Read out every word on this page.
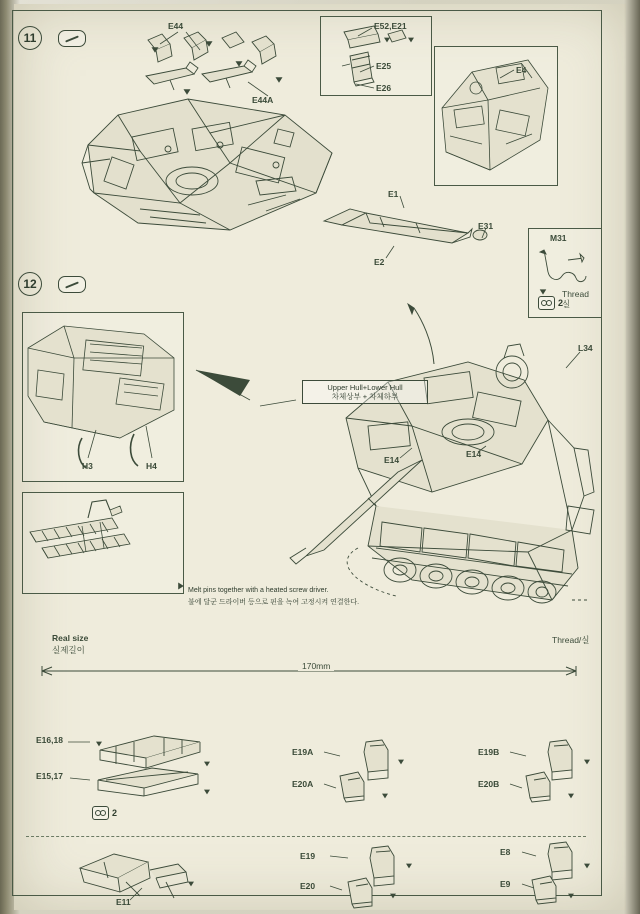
11
E44
E44A
E52,E21
E25
E26
E4
E1
E2
E31
12
M31
Thread
실
2
H3	H4
Melt pins together with a heated screw driver.
불에 달군 드라이버 등으로 핀을 녹여 고정시켜 연결한다.
Upper Hull+Lower Hull
차체상부 + 차체하부
E14
E14
L34
Thread/실
Real size
실제길이
170mm
E16,18
E15,17
2
E19A
E20A
E19B
E20B
E11
E19
E20
E8
E9
